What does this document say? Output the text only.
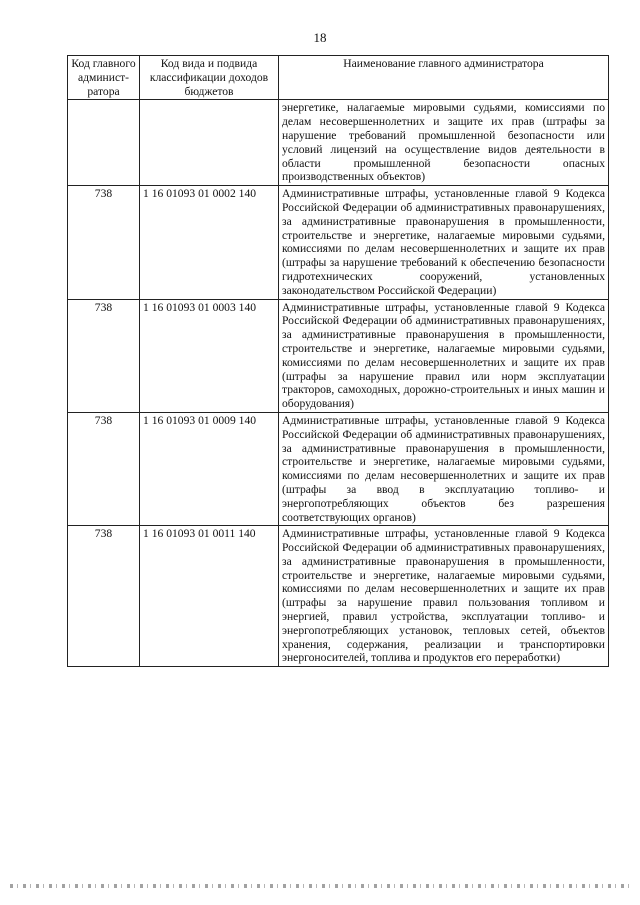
18
Код главного админист-ратора	Код вида и подвида классификации доходов бюджетов	Наименование главного администратора
		энергетике, налагаемые мировыми судьями, комиссиями по делам несовершеннолетних и защите их прав (штрафы за нарушение требований промышленной безопасности или условий лицензий на осуществление видов деятельности в области промышленной безопасности опасных производственных объектов)
738	1 16 01093 01 0002 140	Административные штрафы, установленные главой 9 Кодекса Российской Федерации об административных правонарушениях, за административные правонарушения в промышленности, строительстве и энергетике, налагаемые мировыми судьями, комиссиями по делам несовершеннолетних и защите их прав (штрафы за нарушение требований к обеспечению безопасности гидротехнических сооружений, установленных законодательством Российской Федерации)
738	1 16 01093 01 0003 140	Административные штрафы, установленные главой 9 Кодекса Российской Федерации об административных правонарушениях, за административные правонарушения в промышленности, строительстве и энергетике, налагаемые мировыми судьями, комиссиями по делам несовершеннолетних и защите их прав (штрафы за нарушение правил или норм эксплуатации тракторов, самоходных, дорожно-строительных и иных машин и оборудования)
738	1 16 01093 01 0009 140	Административные штрафы, установленные главой 9 Кодекса Российской Федерации об административных правонарушениях, за административные правонарушения в промышленности, строительстве и энергетике, налагаемые мировыми судьями, комиссиями по делам несовершеннолетних и защите их прав (штрафы за ввод в эксплуатацию топливо- и энергопотребляющих объектов без разрешения соответствующих органов)
738	1 16 01093 01 0011 140	Административные штрафы, установленные главой 9 Кодекса Российской Федерации об административных правонарушениях, за административные правонарушения в промышленности, строительстве и энергетике, налагаемые мировыми судьями, комиссиями по делам несовершеннолетних и защите их прав (штрафы за нарушение правил пользования топливом и энергией, правил устройства, эксплуатации топливо- и энергопотребляющих установок, тепловых сетей, объектов хранения, содержания, реализации и транспортировки энергоносителей, топлива и продуктов его переработки)
